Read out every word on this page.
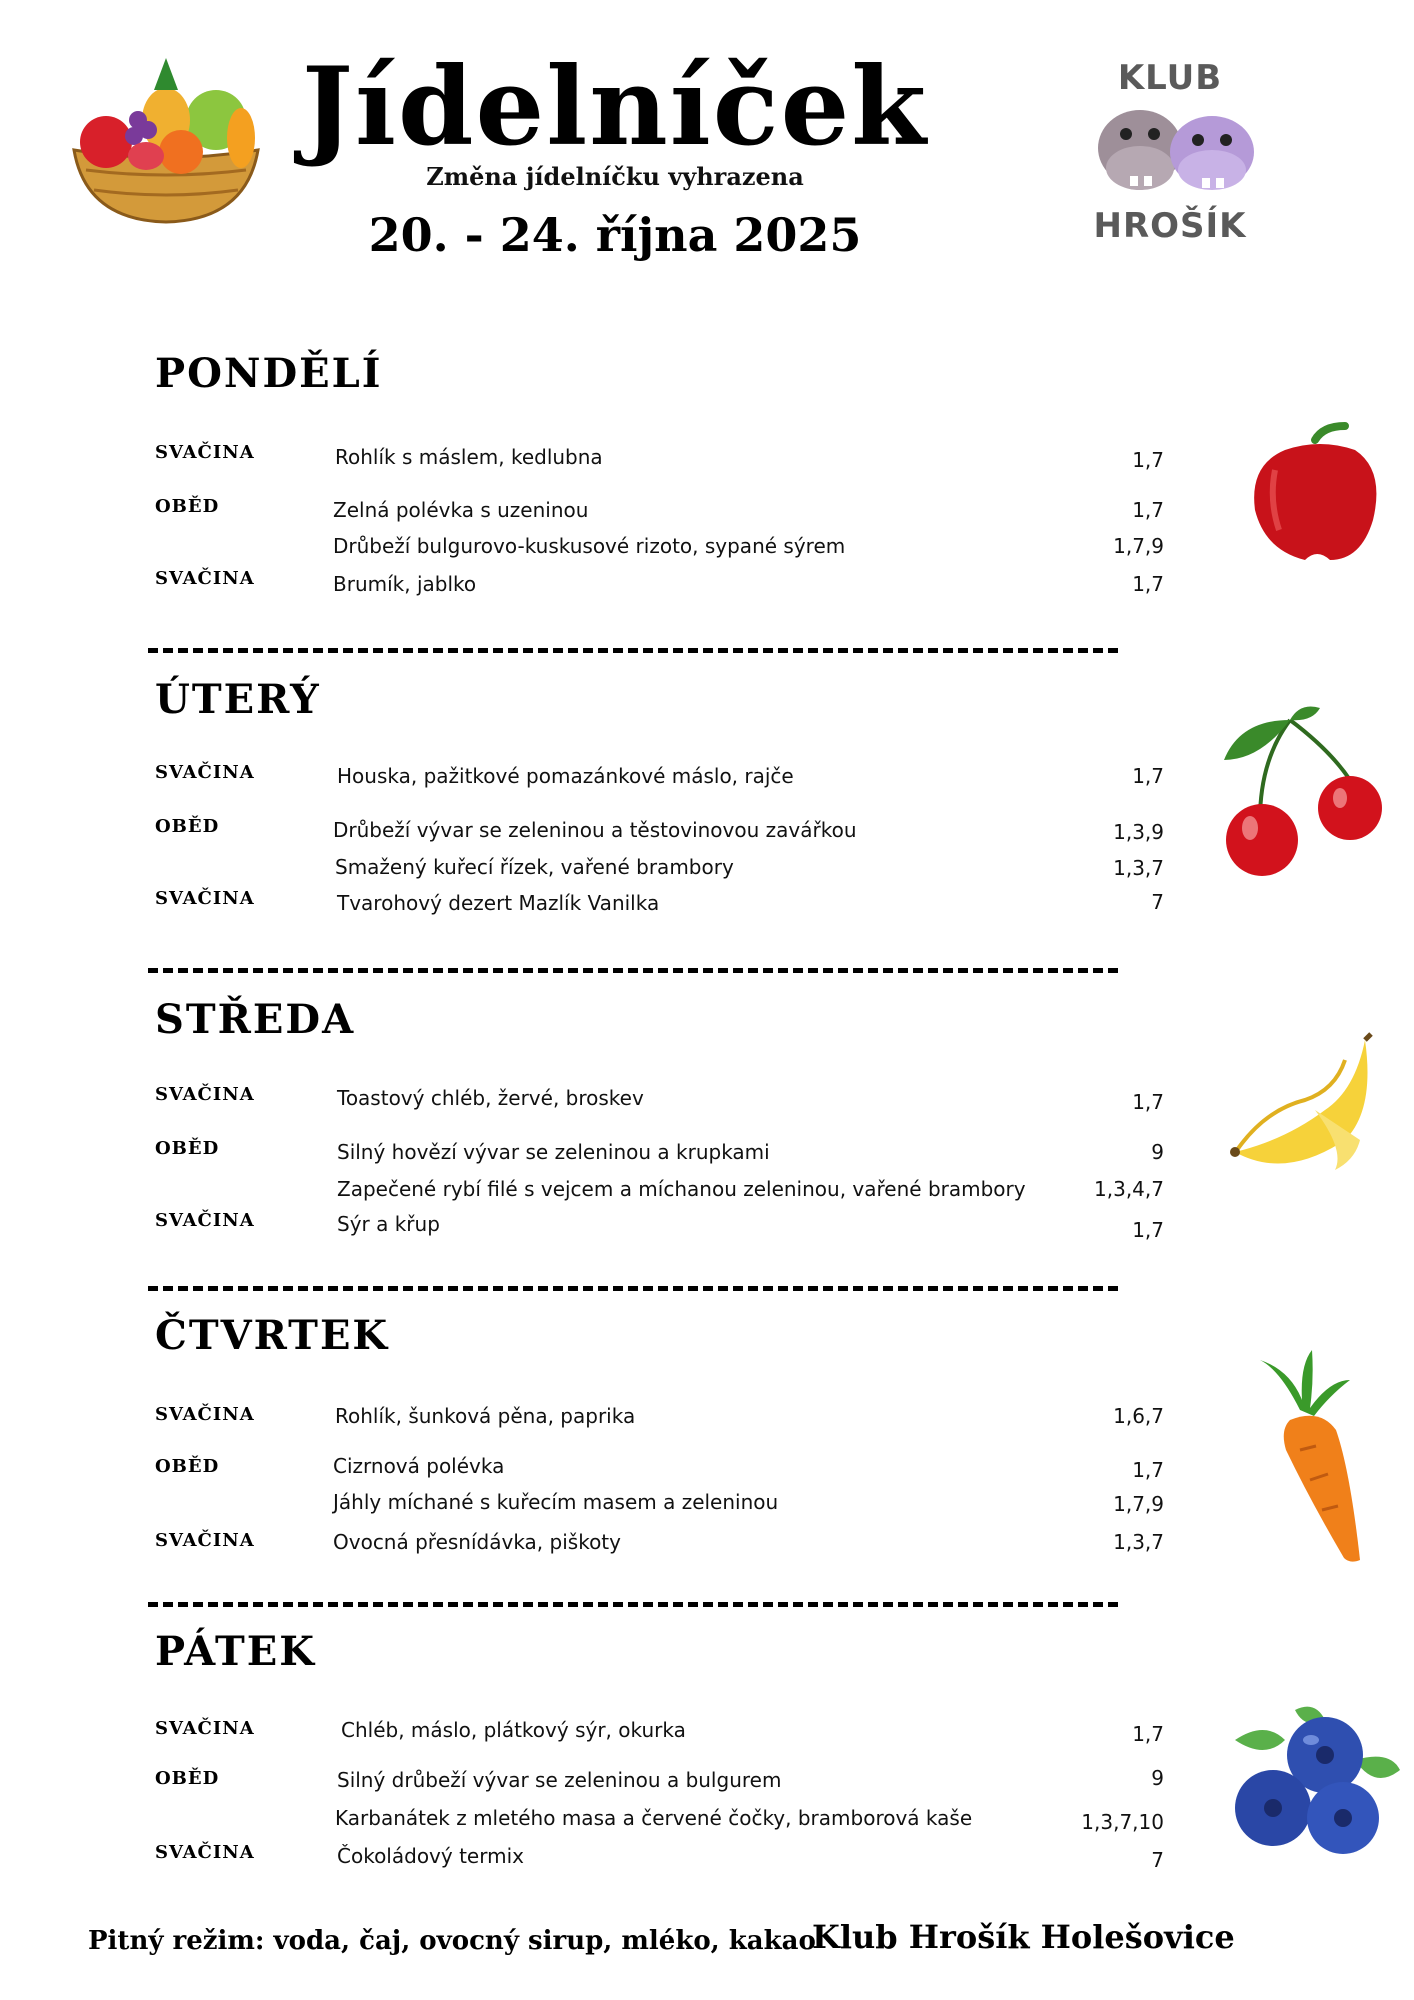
Jídelníček
Změna jídelníčku vyhrazena
20. - 24. října 2025
KLUB
HROŠÍK
PONDĚLÍ
SVAČINA	Rohlík s máslem, kedlubna	1,7
OBĚD	Zelná polévka s uzeninou	1,7
Drůbeží bulgurovo-kuskusové rizoto, sypané sýrem	1,7,9
SVAČINA	Brumík, jablko	1,7
ÚTERÝ
SVAČINA	Houska, pažitkové pomazánkové máslo, rajče	1,7
OBĚD	Drůbeží vývar se zeleninou a těstovinovou zavářkou	1,3,9
Smažený kuřecí řízek, vařené brambory	1,3,7
SVAČINA	Tvarohový dezert Mazlík Vanilka	7
STŘEDA
SVAČINA	Toastový chléb, žervé, broskev	1,7
OBĚD	Silný hovězí vývar se zeleninou a krupkami	9
Zapečené rybí filé s vejcem a míchanou zeleninou, vařené brambory	1,3,4,7
SVAČINA	Sýr a křup	1,7
ČTVRTEK
SVAČINA	Rohlík, šunková pěna, paprika	1,6,7
OBĚD	Cizrnová polévka	1,7
Jáhly míchané s kuřecím masem a zeleninou	1,7,9
SVAČINA	Ovocná přesnídávka, piškoty	1,3,7
PÁTEK
SVAČINA	Chléb, máslo, plátkový sýr, okurka	1,7
OBĚD	Silný drůbeží vývar se zeleninou a bulgurem	9
Karbanátek z mletého masa a červené čočky, bramborová kaše	1,3,7,10
SVAČINA	Čokoládový termix	7
Pitný režim: voda, čaj, ovocný sirup, mléko, kakao
Klub Hrošík Holešovice
